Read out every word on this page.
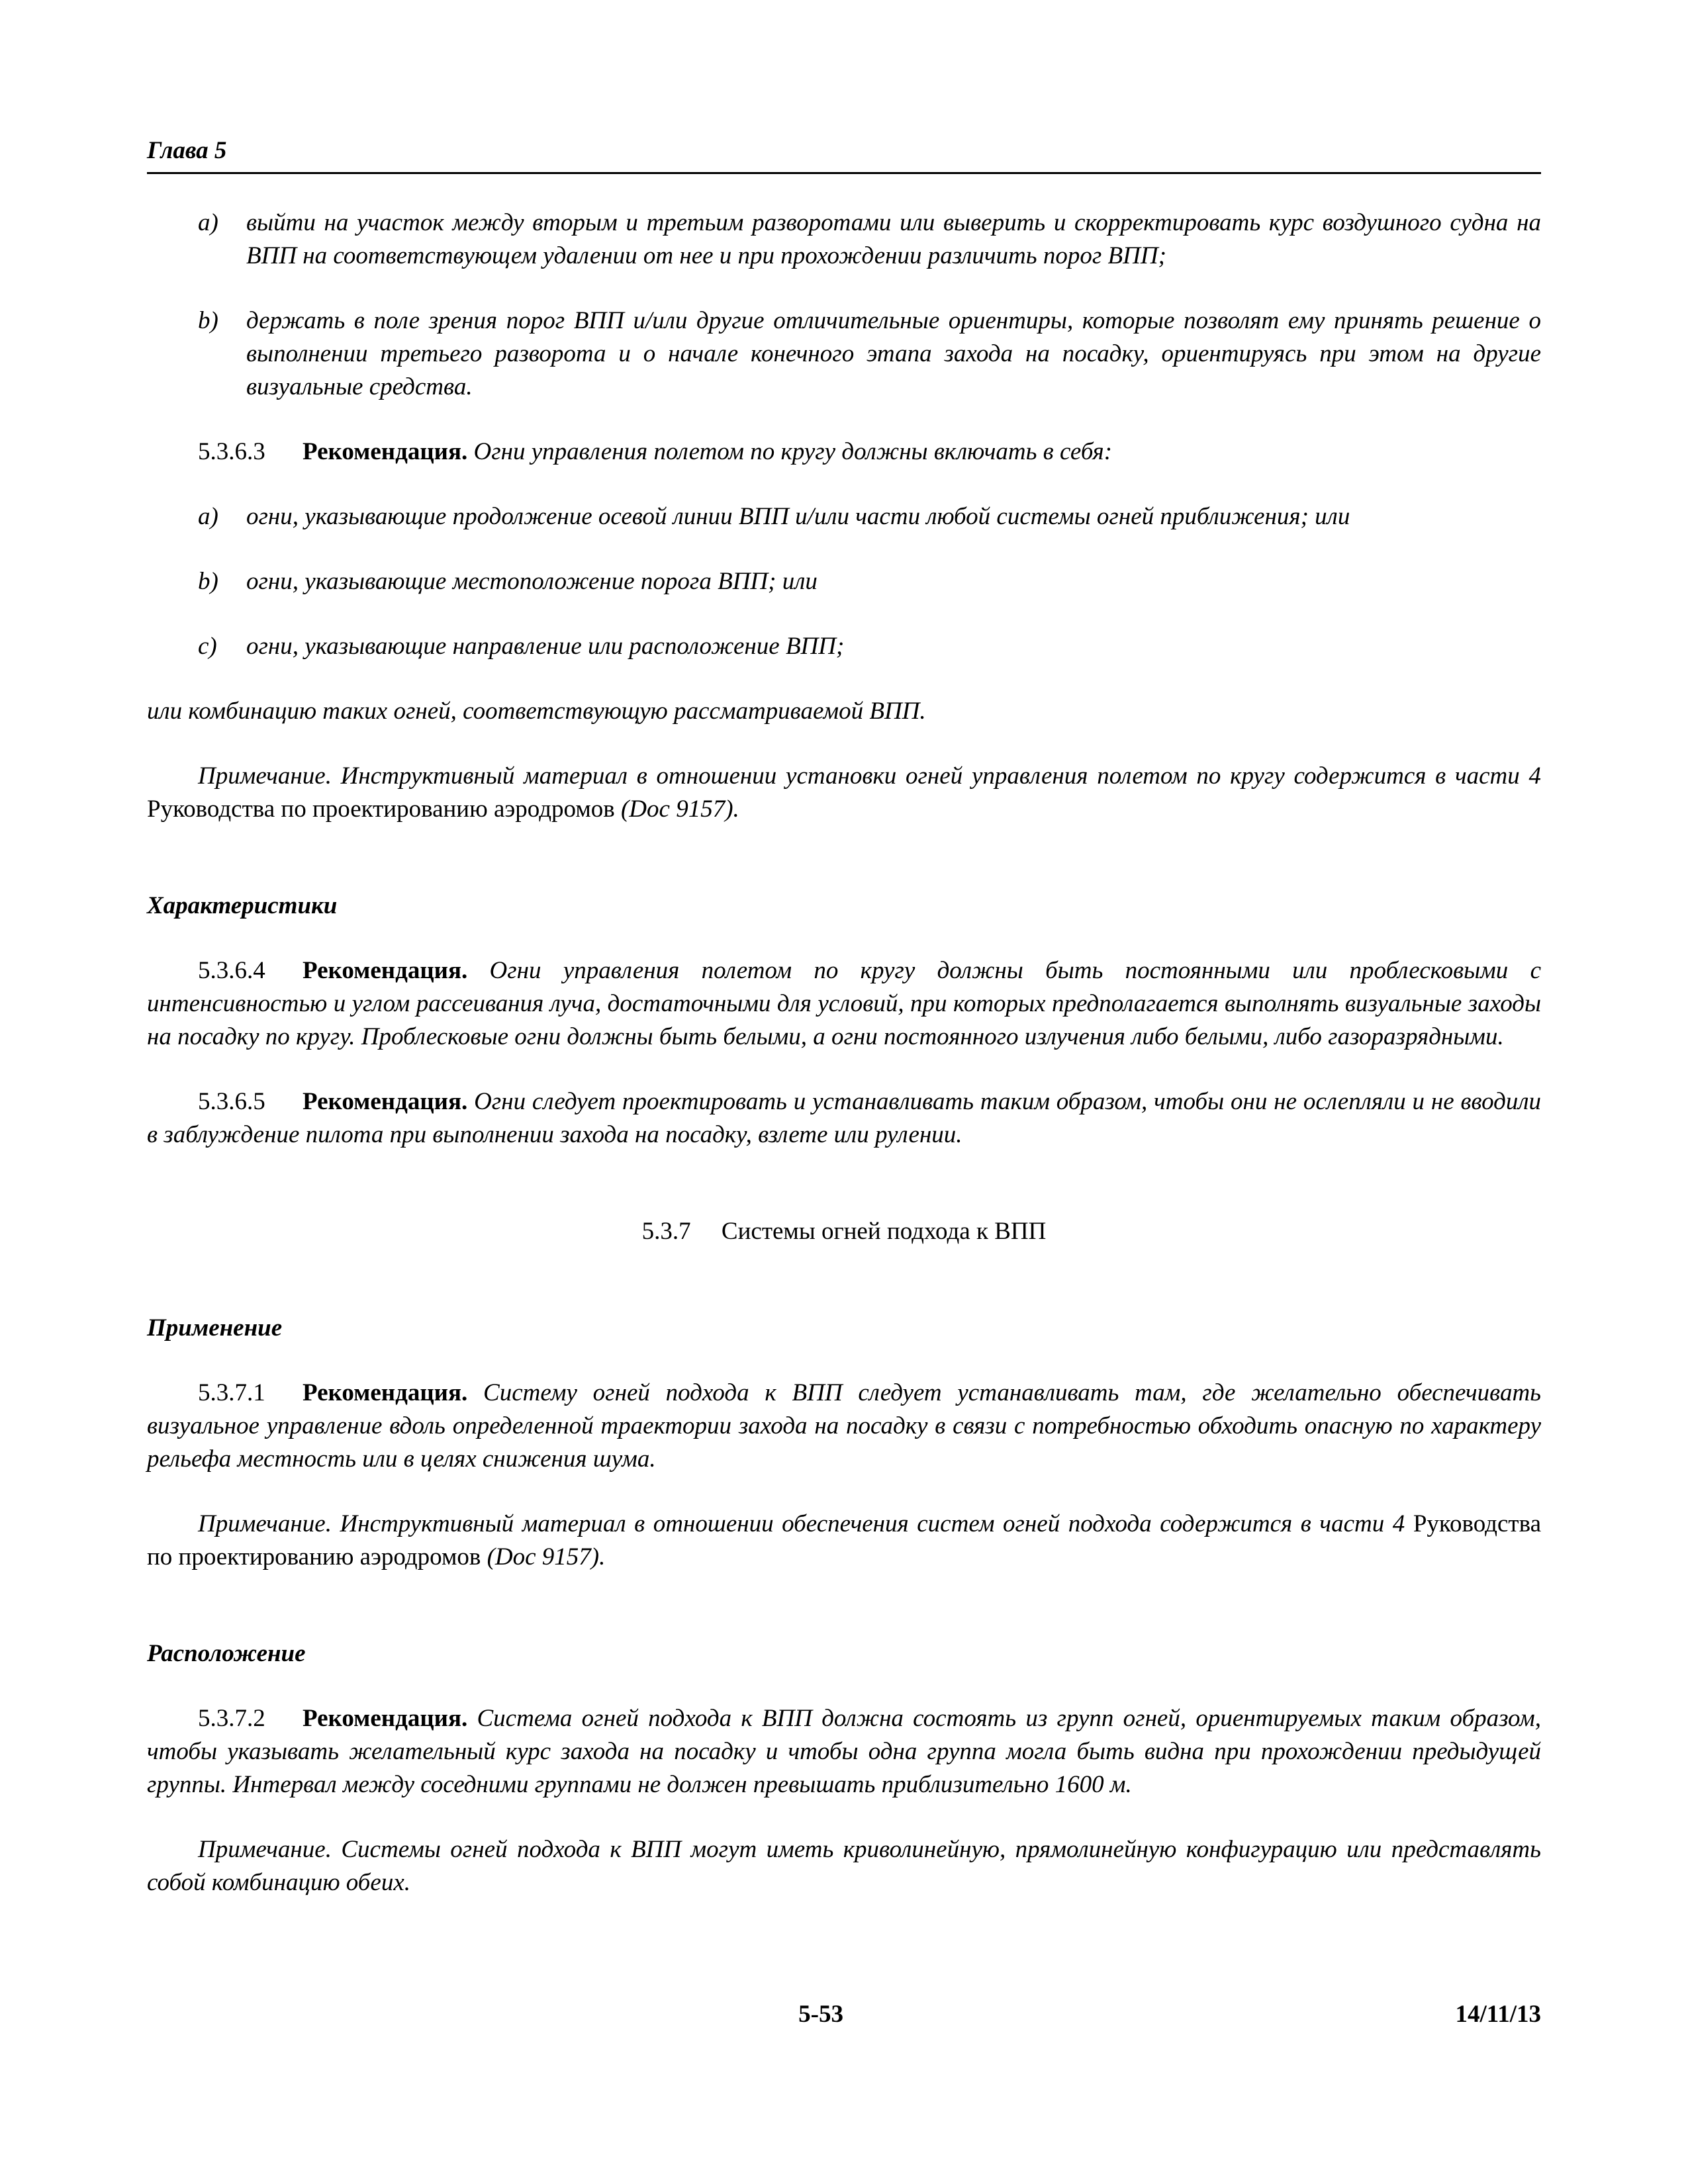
Глава 5

a) выйти на участок между вторым и третьим разворотами или выверить и скорректировать курс воздушного судна на ВПП на соответствующем удалении от нее и при прохождении различить порог ВПП;

b) держать в поле зрения порог ВПП и/или другие отличительные ориентиры, которые позволят ему принять решение о выполнении третьего разворота и о начале конечного этапа захода на посадку, ориентируясь при этом на другие визуальные средства.

5.3.6.3 Рекомендация. Огни управления полетом по кругу должны включать в себя:

a) огни, указывающие продолжение осевой линии ВПП и/или части любой системы огней приближения; или

b) огни, указывающие местоположение порога ВПП; или

c) огни, указывающие направление или расположение ВПП;

или комбинацию таких огней, соответствующую рассматриваемой ВПП.

Примечание. Инструктивный материал в отношении установки огней управления полетом по кругу содержится в части 4 Руководства по проектированию аэродромов (Doc 9157).

Характеристики

5.3.6.4 Рекомендация. Огни управления полетом по кругу должны быть постоянными или проблесковыми с интенсивностью и углом рассеивания луча, достаточными для условий, при которых предполагается выполнять визуальные заходы на посадку по кругу. Проблесковые огни должны быть белыми, а огни постоянного излучения либо белыми, либо газоразрядными.

5.3.6.5 Рекомендация. Огни следует проектировать и устанавливать таким образом, чтобы они не ослепляли и не вводили в заблуждение пилота при выполнении захода на посадку, взлете или рулении.

5.3.7 Системы огней подхода к ВПП

Применение

5.3.7.1 Рекомендация. Систему огней подхода к ВПП следует устанавливать там, где желательно обеспечивать визуальное управление вдоль определенной траектории захода на посадку в связи с потребностью обходить опасную по характеру рельефа местность или в целях снижения шума.

Примечание. Инструктивный материал в отношении обеспечения систем огней подхода содержится в части 4 Руководства по проектированию аэродромов (Doc 9157).

Расположение

5.3.7.2 Рекомендация. Система огней подхода к ВПП должна состоять из групп огней, ориентируемых таким образом, чтобы указывать желательный курс захода на посадку и чтобы одна группа могла быть видна при прохождении предыдущей группы. Интервал между соседними группами не должен превышать приблизительно 1600 м.

Примечание. Системы огней подхода к ВПП могут иметь криволинейную, прямолинейную конфигурацию или представлять собой комбинацию обеих.

5-53	14/11/13
